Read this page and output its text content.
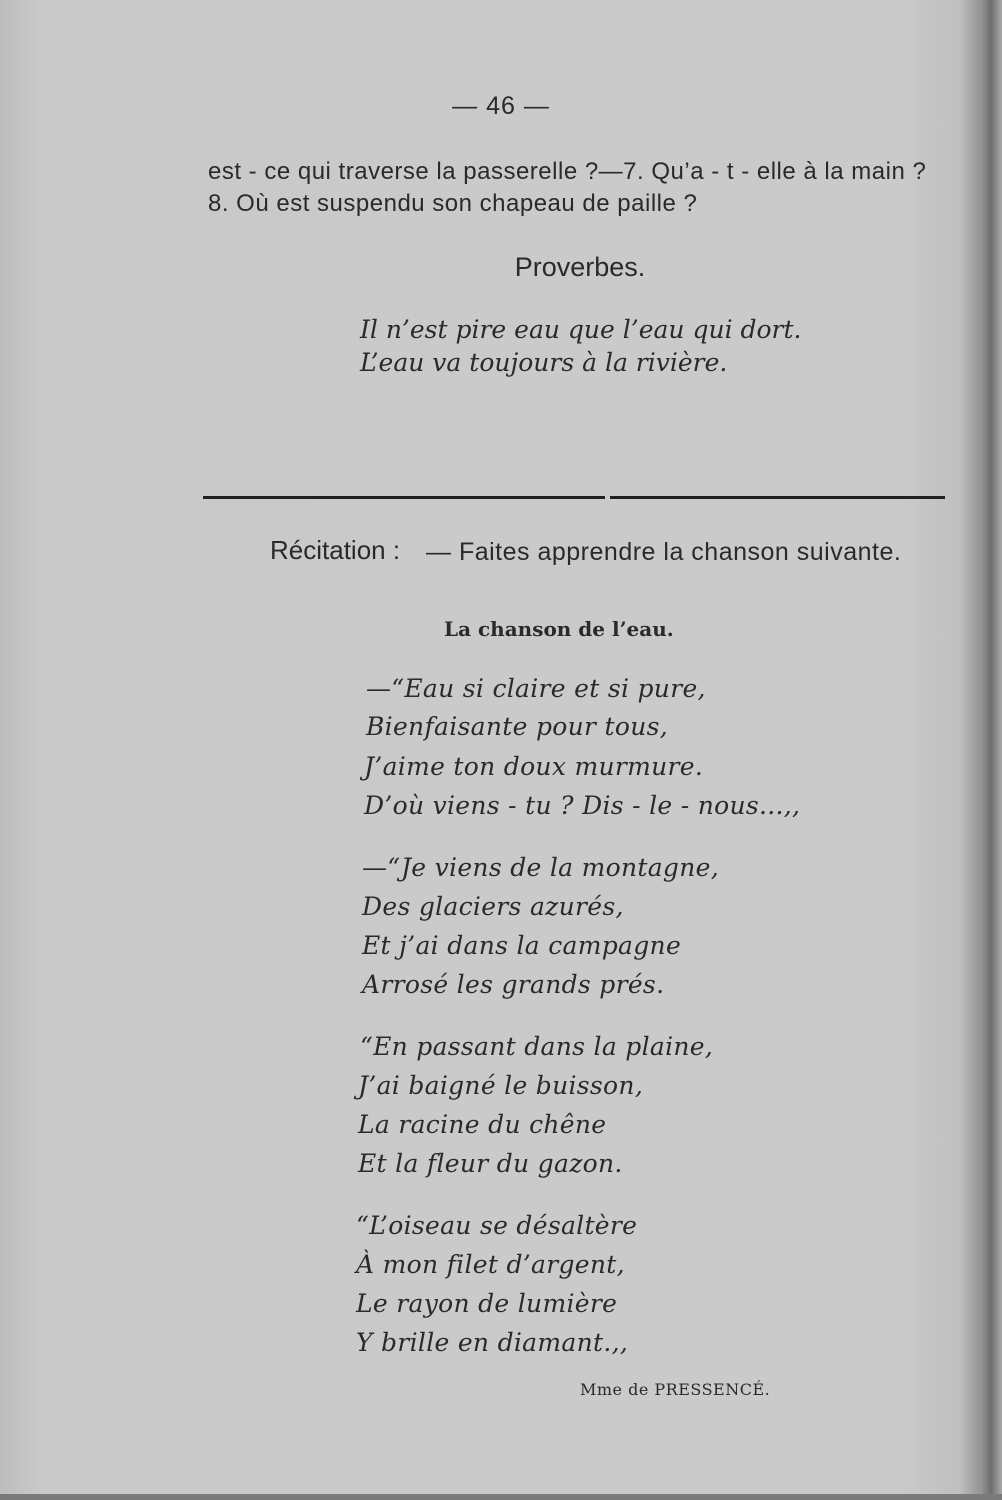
— 46 —
est - ce qui traverse la passerelle ?—7. Qu’a - t - elle à la main ?
8. Où est suspendu son chapeau de paille ?
Proverbes.
Il n’est pire eau que l’eau qui dort.
L’eau va toujours à la rivière.
Récitation : — Faites apprendre la chanson suivante.
La chanson de l’eau.
—“Eau si claire et si pure,
Bienfaisante pour tous,
J’aime ton doux murmure.
D’où viens - tu ? Dis - le - nous...,,
—“Je viens de la montagne,
Des glaciers azurés,
Et j’ai dans la campagne
Arrosé les grands prés.
“En passant dans la plaine,
J’ai baigné le buisson,
La racine du chêne
Et la fleur du gazon.
“L’oiseau se désaltère
À mon filet d’argent,
Le rayon de lumière
Y brille en diamant.,,
Mme de PRESSENCÉ.
